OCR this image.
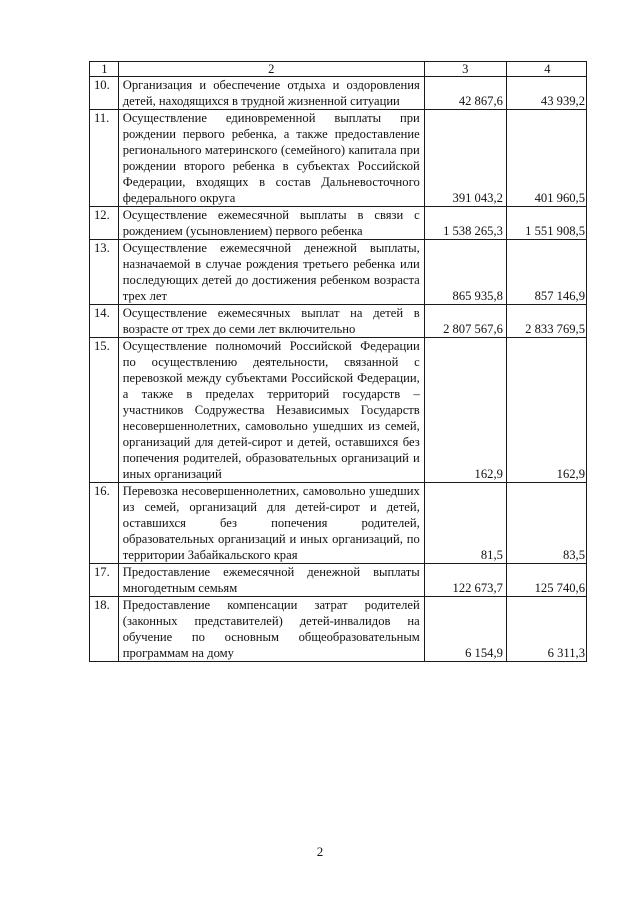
1	2	3	4
10.	Организация и обеспечение отдыха и оздоровления детей, находящихся в трудной жизненной ситуации	42 867,6	43 939,2
11.	Осуществление единовременной выплаты при рождении первого ребенка, а также предоставление регионального материнского (семейного) капитала при рождении второго ребенка в субъектах Российской Федерации, входящих в состав Дальневосточного федерального округа	391 043,2	401 960,5
12.	Осуществление ежемесячной выплаты в связи с рождением (усыновлением) первого ребенка	1 538 265,3	1 551 908,5
13.	Осуществление ежемесячной денежной выплаты, назначаемой в случае рождения третьего ребенка или последующих детей до достижения ребенком возраста трех лет	865 935,8	857 146,9
14.	Осуществление ежемесячных выплат на детей в возрасте от трех до семи лет включительно	2 807 567,6	2 833 769,5
15.	Осуществление полномочий Российской Федерации по осуществлению деятельности, связанной с перевозкой между субъектами Российской Федерации, а также в пределах территорий государств – участников Содружества Независимых Государств несовершеннолетних, самовольно ушедших из семей, организаций для детей-сирот и детей, оставшихся без попечения родителей, образовательных организаций и иных организаций	162,9	162,9
16.	Перевозка несовершеннолетних, самовольно ушедших из семей, организаций для детей-сирот и детей, оставшихся без попечения родителей, образовательных организаций и иных организаций, по территории Забайкальского края	81,5	83,5
17.	Предоставление ежемесячной денежной выплаты многодетным семьям	122 673,7	125 740,6
18.	Предоставление компенсации затрат родителей (законных представителей) детей-инвалидов на обучение по основным общеобразовательным программам на дому	6 154,9	6 311,3
2
